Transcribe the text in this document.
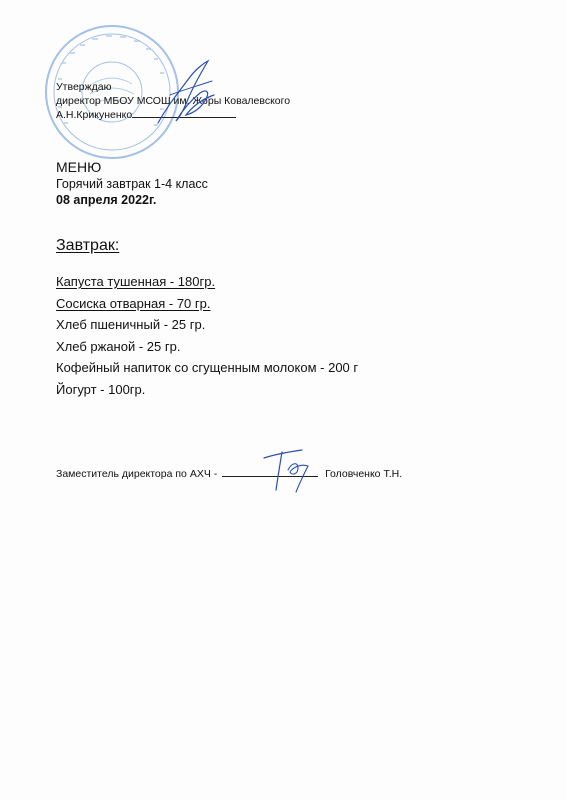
Утверждаю
директор МБОУ МСОШ им. Жоры Ковалевского
А.Н.Крикуненко
МЕНЮ
Горячий завтрак 1-4 класс
08 апреля 2022г.
Завтрак:
Капуста тушенная - 180гр.
Сосиска отварная - 70 гр.
Хлеб пшеничный - 25 гр.
Хлеб ржаной - 25 гр.
Кофейный напиток со сгущенным молоком - 200 г
Йогурт - 100гр.
Заместитель директора по АХЧ -	Головченко Т.Н.
